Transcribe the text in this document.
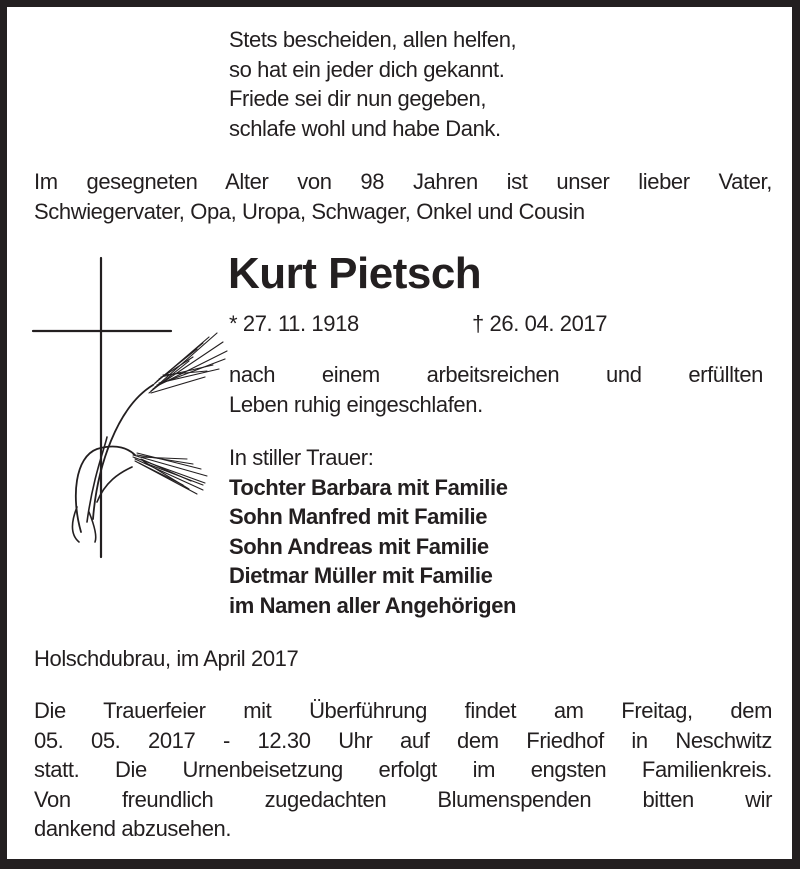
Stets bescheiden, allen helfen,
so hat ein jeder dich gekannt.
Friede sei dir nun gegeben,
schlafe wohl und habe Dank.
Im gesegneten Alter von 98 Jahren ist unser lieber Vater,
Schwiegervater, Opa, Uropa, Schwager, Onkel und Cousin
Kurt Pietsch
* 27. 11. 1918	† 26. 04. 2017
nach einem arbeitsreichen und erfüllten
Leben ruhig eingeschlafen.
In stiller Trauer:
Tochter Barbara mit Familie
Sohn Manfred mit Familie
Sohn Andreas mit Familie
Dietmar Müller mit Familie
im Namen aller Angehörigen
Holschdubrau, im April 2017
Die Trauerfeier mit Überführung findet am Freitag, dem
05. 05. 2017 - 12.30 Uhr auf dem Friedhof in Neschwitz
statt. Die Urnenbeisetzung erfolgt im engsten Familienkreis.
Von freundlich zugedachten Blumenspenden bitten wir
dankend abzusehen.
